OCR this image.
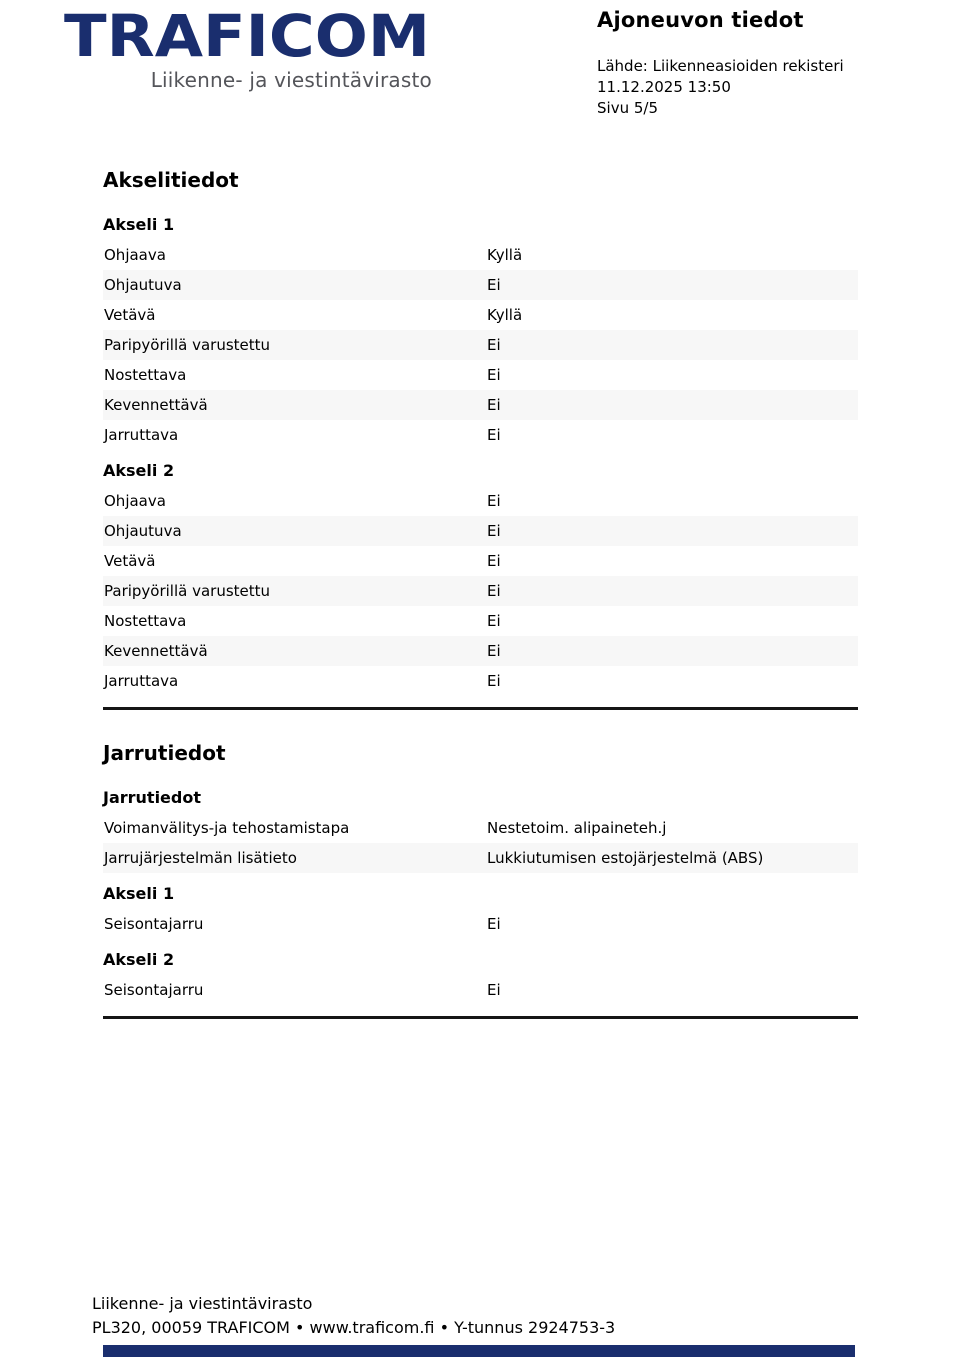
TRAFICOM
Liikenne- ja viestintävirasto
Ajoneuvon tiedot
Lähde: Liikenneasioiden rekisteri
11.12.2025 13:50
Sivu 5/5
Akselitiedot
Akseli 1
Ohjaava	Kyllä
Ohjautuva	Ei
Vetävä	Kyllä
Paripyörillä varustettu	Ei
Nostettava	Ei
Kevennettävä	Ei
Jarruttava	Ei
Akseli 2
Ohjaava	Ei
Ohjautuva	Ei
Vetävä	Ei
Paripyörillä varustettu	Ei
Nostettava	Ei
Kevennettävä	Ei
Jarruttava	Ei
Jarrutiedot
Jarrutiedot
Voimanvälitys-ja tehostamistapa	Nestetoim. alipaineteh.j
Jarrujärjestelmän lisätieto	Lukkiutumisen estojärjestelmä (ABS)
Akseli 1
Seisontajarru	Ei
Akseli 2
Seisontajarru	Ei
Liikenne- ja viestintävirasto
PL320, 00059 TRAFICOM • www.traficom.fi • Y-tunnus 2924753-3
